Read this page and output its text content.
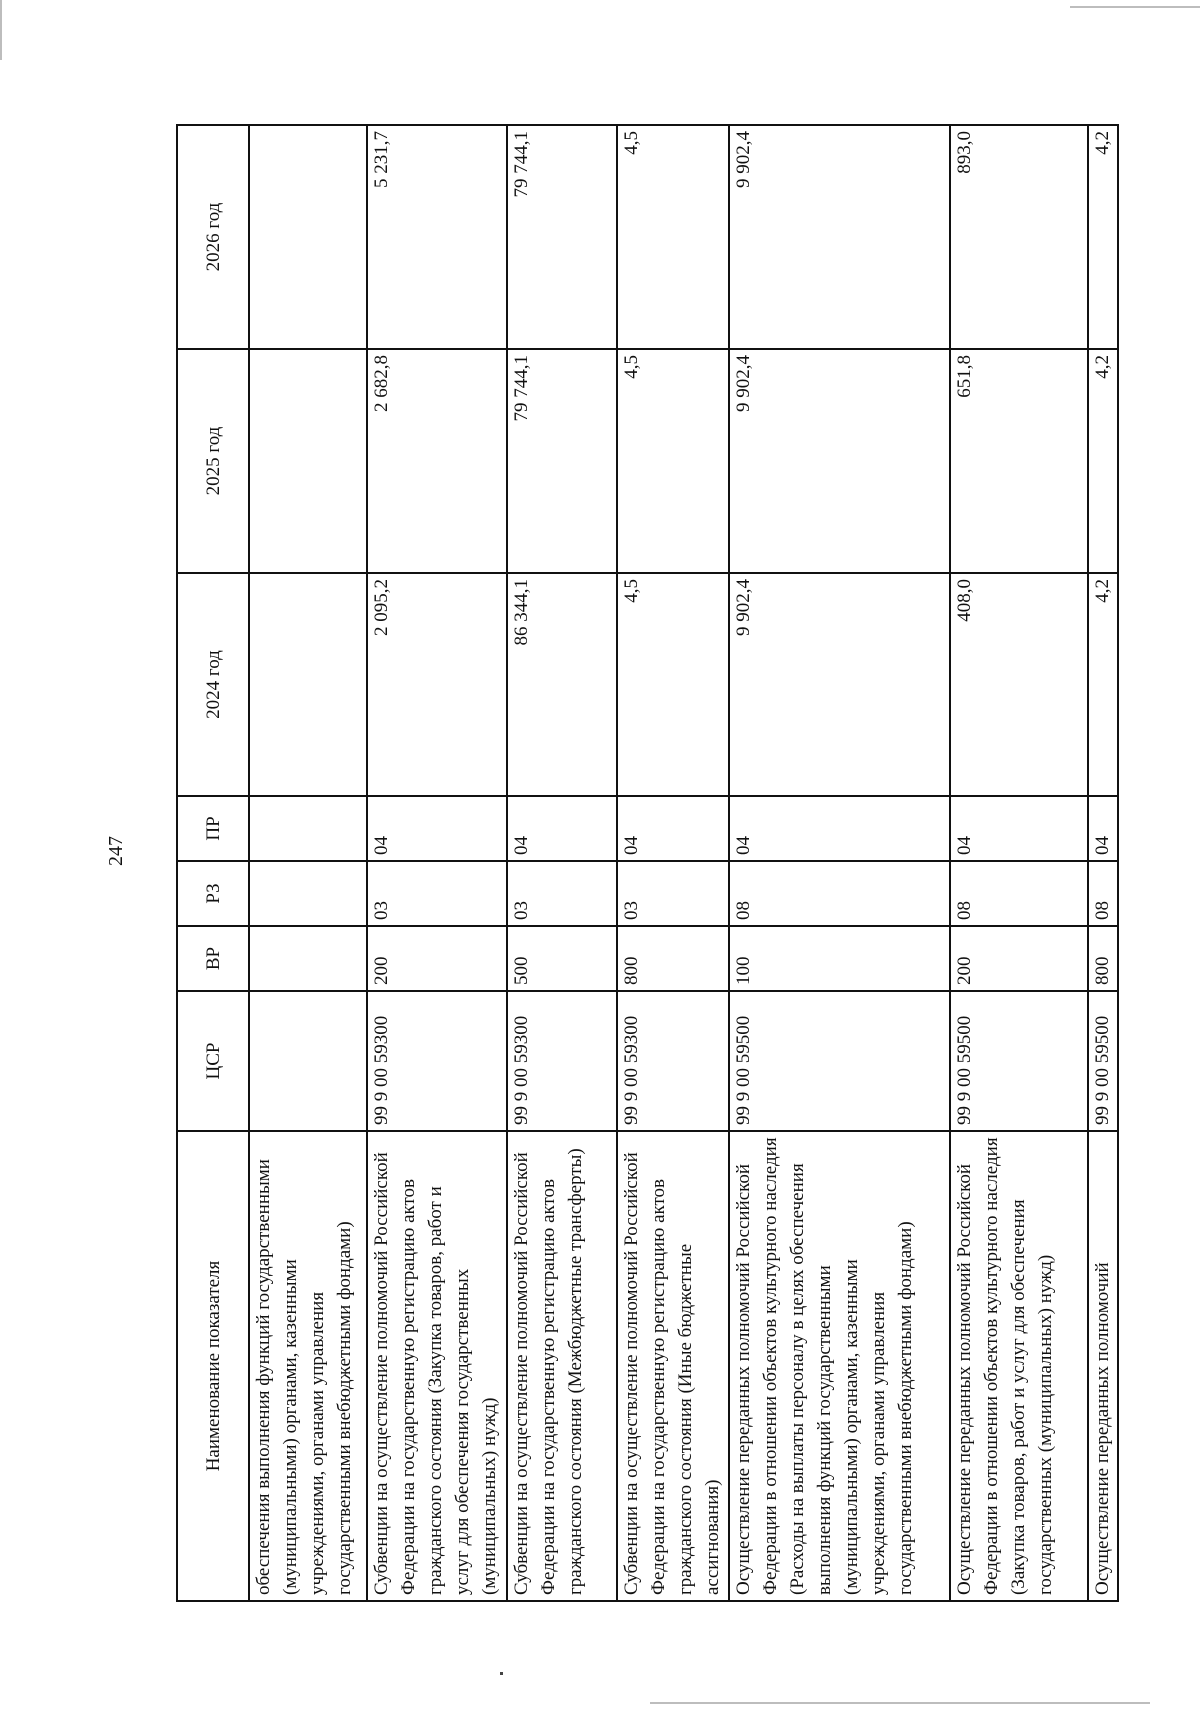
247
Наименование показателя	ЦСР	ВР	РЗ	ПР	2024 год	2025 год	2026 год
обеспечения выполнения функций государственными (муниципальными) органами, казенными учреждениями, органами управления государственными внебюджетными фондами)							
Субвенции на осуществление полномочий Российской Федерации на государственную регистрацию актов гражданского состояния (Закупка товаров, работ и услуг для обеспечения государственных (муниципальных) нужд)	99 9 00 59300	200	03	04	2 095,2	2 682,8	5 231,7
Субвенции на осуществление полномочий Российской Федерации на государственную регистрацию актов гражданского состояния (Межбюджетные трансферты)	99 9 00 59300	500	03	04	86 344,1	79 744,1	79 744,1
Субвенции на осуществление полномочий Российской Федерации на государственную регистрацию актов гражданского состояния (Иные бюджетные ассигнования)	99 9 00 59300	800	03	04	4,5	4,5	4,5
Осуществление переданных полномочий Российской Федерации в отношении объектов культурного наследия (Расходы на выплаты персоналу в целях обеспечения выполнения функций государственными (муниципальными) органами, казенными учреждениями, органами управления государственными внебюджетными фондами)	99 9 00 59500	100	08	04	9 902,4	9 902,4	9 902,4
Осуществление переданных полномочий Российской Федерации в отношении объектов культурного наследия (Закупка товаров, работ и услуг для обеспечения государственных (муниципальных) нужд)	99 9 00 59500	200	08	04	408,0	651,8	893,0
Осуществление переданных полномочий	99 9 00 59500	800	08	04	4,2	4,2	4,2
